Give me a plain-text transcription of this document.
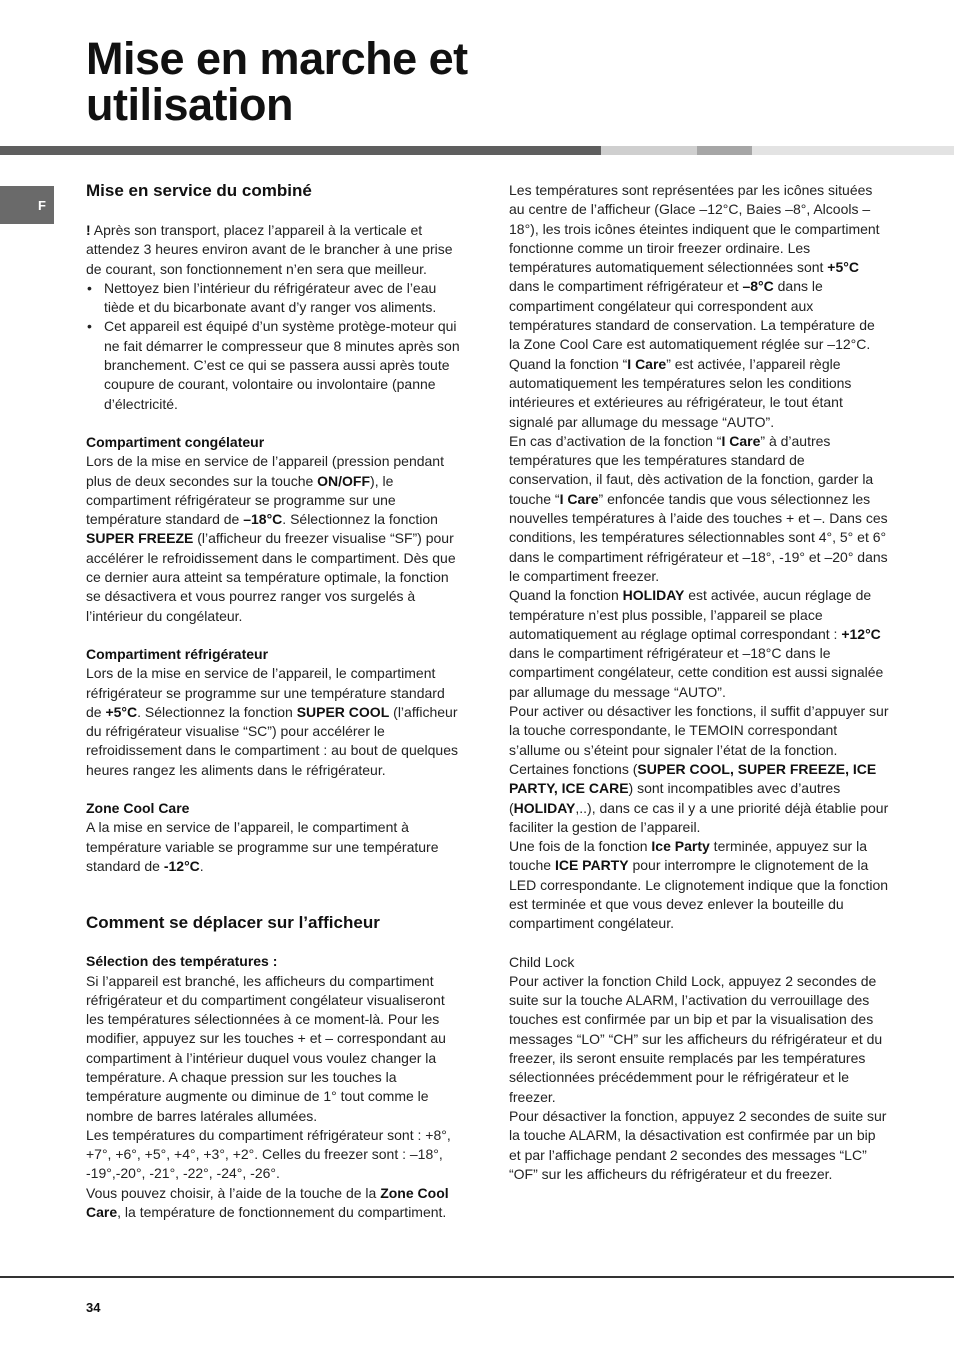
Mise en marche et
utilisation
F
Mise en service du combiné

! Après son transport, placez l’appareil à la verticale et attendez 3 heures environ avant de le brancher à une prise de courant, son fonctionnement n’en sera que meilleur.

• Nettoyez bien l’intérieur du réfrigérateur avec de l’eau tiède et du bicarbonate avant d’y ranger vos aliments.
• Cet appareil est équipé d’un système protège-moteur qui ne fait démarrer le compresseur que 8 minutes après son branchement. C’est ce qui se passera aussi après toute coupure de courant, volontaire ou involontaire (panne d’électricité.
Compartiment congélateur

Lors de la mise en service de l’appareil (pression pendant plus de deux secondes sur la touche ON/OFF), le compartiment réfrigérateur se programme sur une température standard de –18°C. Sélectionnez la fonction SUPER FREEZE (l’afficheur du freezer visualise “SF”) pour accélérer le refroidissement dans le compartiment. Dès que ce dernier aura atteint sa température optimale, la fonction se désactivera et vous pourrez ranger vos surgelés à l’intérieur du congélateur.

Compartiment réfrigérateur

Lors de la mise en service de l’appareil, le compartiment réfrigérateur se programme sur une température standard de +5°C. Sélectionnez la fonction SUPER COOL (l’afficheur du réfrigérateur visualise “SC”) pour accélérer le refroidissement dans le compartiment : au bout de quelques heures rangez les aliments dans le réfrigérateur.

Zone Cool Care

A la mise en service de l’appareil, le compartiment à température variable se programme sur une température standard de -12°C.

Comment se déplacer sur l’afficheur
Sélection des températures :

Si l’appareil est branché, les afficheurs du compartiment réfrigérateur et du compartiment congélateur visualiseront les températures sélectionnées à ce moment-là. Pour les modifier, appuyez sur les touches + et – correspondant au compartiment à l’intérieur duquel vous voulez changer la température. A chaque pression sur les touches la température augmente ou diminue de 1° tout comme le nombre de barres latérales allumées.

Les températures du compartiment réfrigérateur sont : +8°, +7°, +6°, +5°, +4°, +3°, +2°. Celles du freezer sont : –18°, -19°,-20°, -21°, -22°, -24°, -26°.

Vous pouvez choisir, à l’aide de la touche de la Zone Cool Care, la température de fonctionnement du compartiment.

Les températures sont représentées par les icônes situées au centre de l’afficheur (Glace –12°C, Baies –8°, Alcools –18°), les trois icônes éteintes indiquent que le compartiment fonctionne comme un tiroir freezer ordinaire. Les températures automatiquement sélectionnées sont +5°C dans le compartiment réfrigérateur et –8°C dans le compartiment congélateur qui correspondent aux températures standard de conservation. La température de la Zone Cool Care est automatiquement réglée sur –12°C.

Quand la fonction “I Care” est activée, l’appareil règle automatiquement les températures selon les conditions intérieures et extérieures au réfrigérateur, le tout étant signalé par allumage du message “AUTO”.

En cas d’activation de la fonction “I Care” à d’autres températures que les températures standard de conservation, il faut, dès activation de la fonction, garder la touche “I Care” enfoncée tandis que vous sélectionnez les nouvelles températures à l’aide des touches + et –. Dans ces conditions, les températures sélectionnables sont 4°, 5° et 6° dans le compartiment réfrigérateur et –18°, -19° et –20° dans le compartiment freezer.

Quand la fonction HOLIDAY est activée, aucun réglage de température n’est plus possible, l’appareil se place automatiquement au réglage optimal correspondant : +12°C dans le compartiment réfrigérateur et –18°C dans le compartiment congélateur, cette condition est aussi signalée par allumage du message “AUTO”.

Pour activer ou désactiver les fonctions, il suffit d’appuyer sur la touche correspondante, le TEMOIN correspondant s’allume ou s’éteint pour signaler l’état de la fonction.

Certaines fonctions (SUPER COOL, SUPER FREEZE, ICE PARTY, ICE CARE) sont incompatibles avec d’autres (HOLIDAY,..), dans ce cas il y a une priorité déjà établie pour faciliter la gestion de l’appareil.

Une fois de la fonction Ice Party terminée, appuyez sur la touche ICE PARTY pour interrompre le clignotement de la LED correspondante. Le clignotement indique que la fonction est terminée et que vous devez enlever la bouteille du compartiment congélateur.

Child Lock

Pour activer la fonction Child Lock, appuyez 2 secondes de suite sur la touche ALARM, l’activation du verrouillage des touches est confirmée par un bip et par la visualisation des messages “LO” “CH” sur les afficheurs du réfrigérateur et du freezer, ils seront ensuite remplacés par les températures sélectionnées précédemment pour le réfrigérateur et le freezer.

Pour désactiver la fonction, appuyez 2 secondes de suite sur la touche ALARM, la désactivation est confirmée par un bip et par l’affichage pendant 2 secondes des messages “LC” “OF” sur les afficheurs du réfrigérateur et du freezer.

34
